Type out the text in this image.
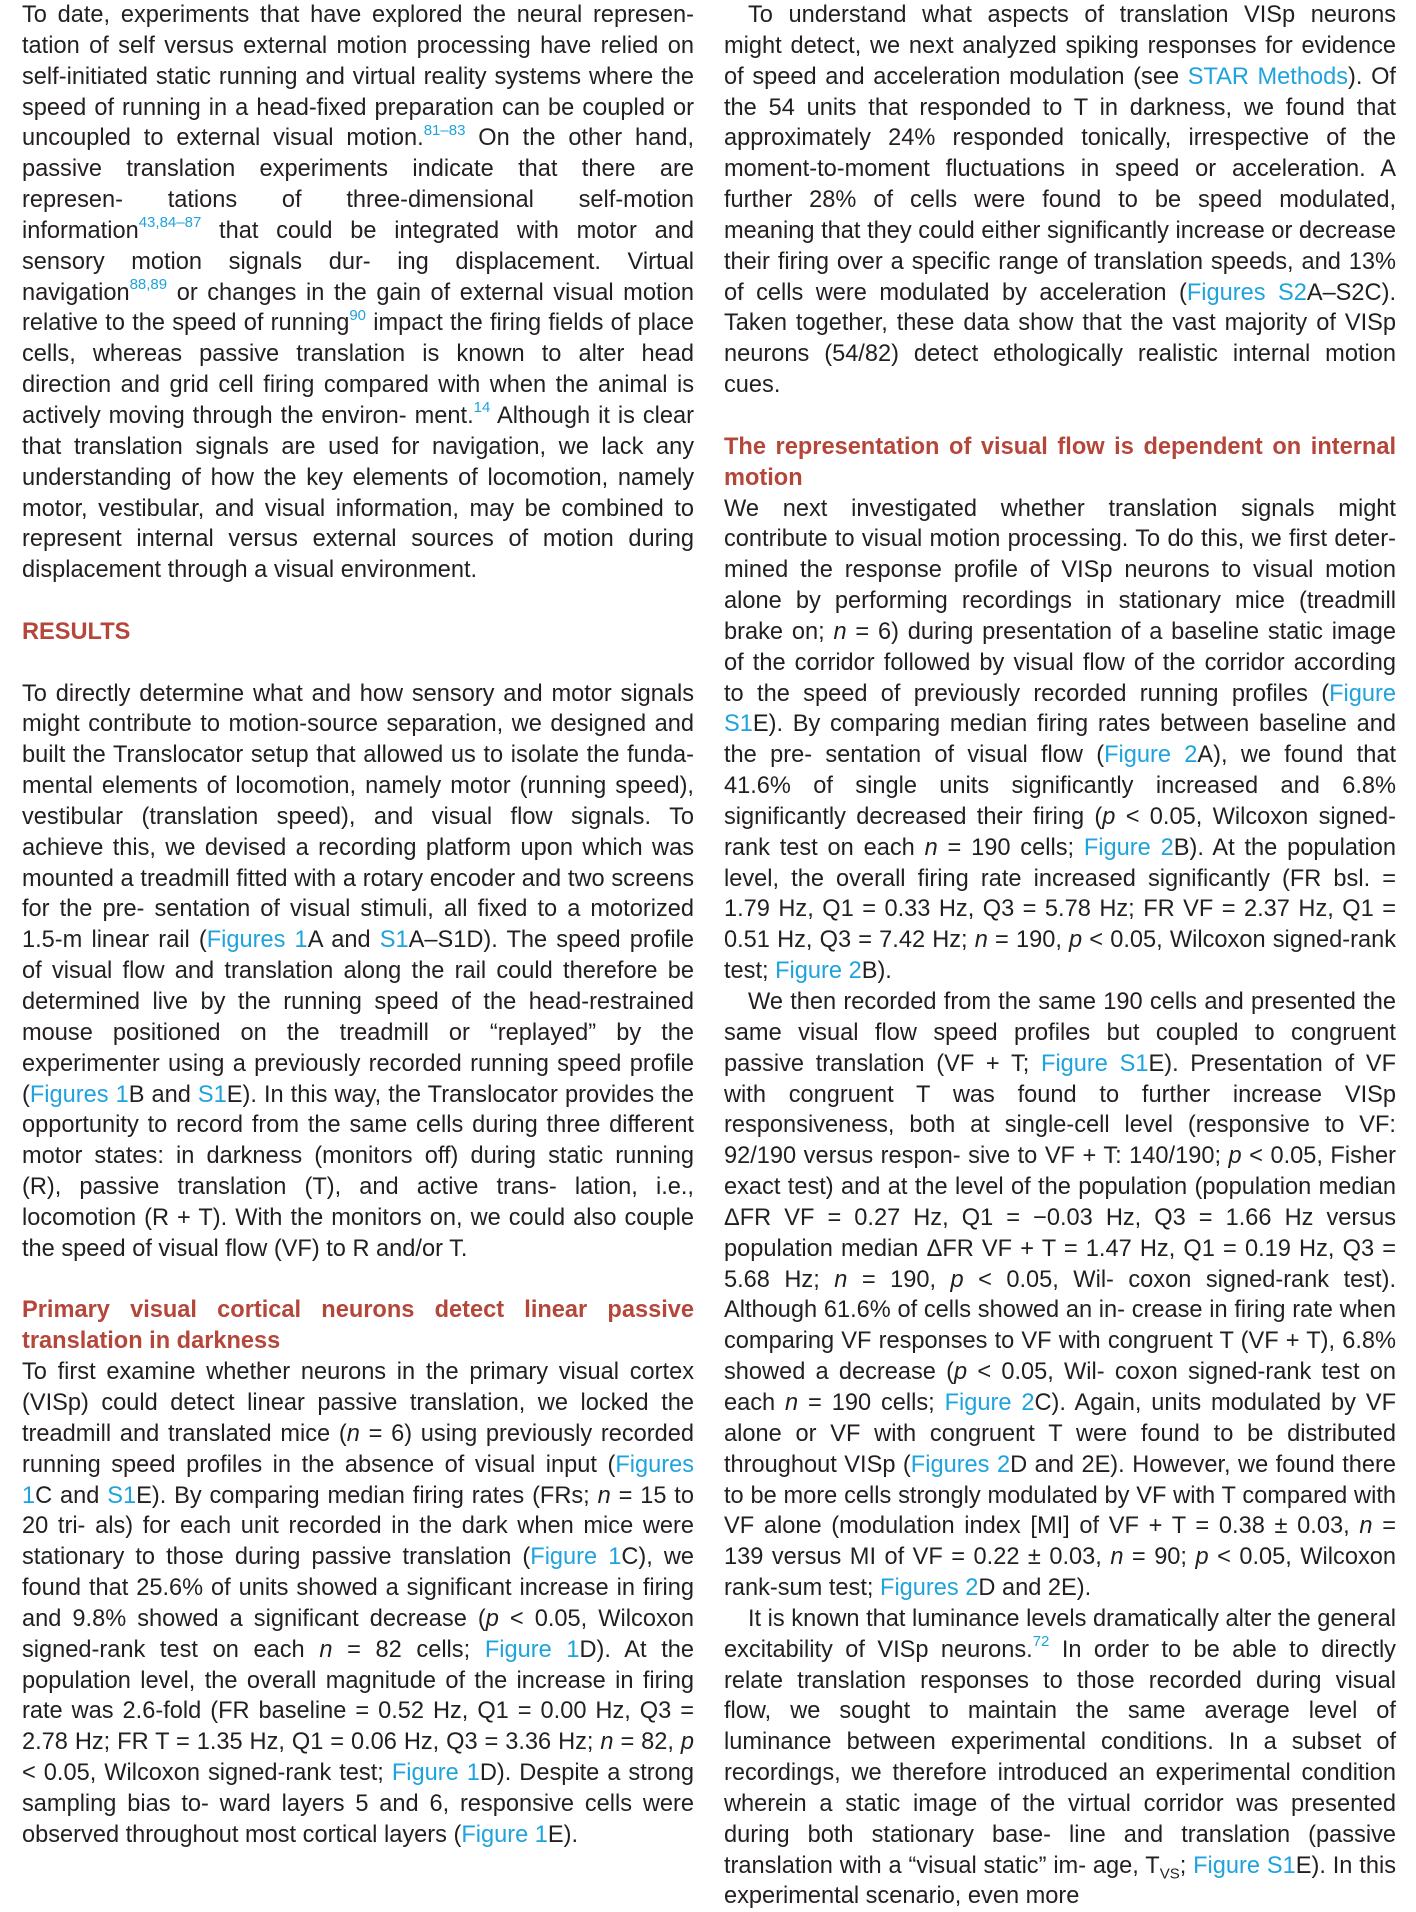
To date, experiments that have explored the neural represen- tation of self versus external motion processing have relied on self-initiated static running and virtual reality systems where the speed of running in a head-fixed preparation can be coupled or uncoupled to external visual motion.$^{81-83}$ On the other hand, passive translation experiments indicate that there are represen- tations of three-dimensional self-motion information$^{43,84-87}$ that could be integrated with motor and sensory motion signals dur- ing displacement. Virtual navigation$^{88,89}$ or changes in the gain of external visual motion relative to the speed of running$^{90}$ impact the firing fields of place cells, whereas passive translation is known to alter head direction and grid cell firing compared with when the animal is actively moving through the environ- ment.$^{14}$ Although it is clear that translation signals are used for navigation, we lack any understanding of how the key elements of locomotion, namely motor, vestibular, and visual information, may be combined to represent internal versus external sources of motion during displacement through a visual environment.

RESULTS

To directly determine what and how sensory and motor signals might contribute to motion-source separation, we designed and built the Translocator setup that allowed us to isolate the funda- mental elements of locomotion, namely motor (running speed), vestibular (translation speed), and visual flow signals. To achieve this, we devised a recording platform upon which was mounted a treadmill fitted with a rotary encoder and two screens for the pre- sentation of visual stimuli, all fixed to a motorized 1.5-m linear rail (Figures 1A and S1A–S1D). The speed profile of visual flow and translation along the rail could therefore be determined live by the running speed of the head-restrained mouse positioned on the treadmill or “replayed” by the experimenter using a previously recorded running speed profile (Figures 1B and S1E). In this way, the Translocator provides the opportunity to record from the same cells during three different motor states: in darkness (monitors off) during static running (R), passive translation (T), and active trans- lation, i.e., locomotion (R + T). With the monitors on, we could also couple the speed of visual flow (VF) to R and/or T.

Primary visual cortical neurons detect linear passive translation in darkness

To first examine whether neurons in the primary visual cortex (VISp) could detect linear passive translation, we locked the treadmill and translated mice (n = 6) using previously recorded running speed profiles in the absence of visual input (Figures 1C and S1E). By comparing median firing rates (FRs; n = 15 to 20 tri- als) for each unit recorded in the dark when mice were stationary to those during passive translation (Figure 1C), we found that 25.6% of units showed a significant increase in firing and 9.8% showed a significant decrease (p < 0.05, Wilcoxon signed-rank test on each n = 82 cells; Figure 1D). At the population level, the overall magnitude of the increase in firing rate was 2.6-fold (FR baseline = 0.52 Hz, Q1 = 0.00 Hz, Q3 = 2.78 Hz; FR T = 1.35 Hz, Q1 = 0.06 Hz, Q3 = 3.36 Hz; n = 82, p < 0.05, Wilcoxon signed-rank test; Figure 1D). Despite a strong sampling bias to- ward layers 5 and 6, responsive cells were observed throughout most cortical layers (Figure 1E).

To understand what aspects of translation VISp neurons might detect, we next analyzed spiking responses for evidence of speed and acceleration modulation (see STAR Methods). Of the 54 units that responded to T in darkness, we found that approximately 24% responded tonically, irrespective of the moment-to-moment fluctuations in speed or acceleration. A further 28% of cells were found to be speed modulated, meaning that they could either significantly increase or decrease their firing over a specific range of translation speeds, and 13% of cells were modulated by acceleration (Figures S2A–S2C). Taken together, these data show that the vast majority of VISp neurons (54/82) detect ethologically realistic internal motion cues.

The representation of visual flow is dependent on internal motion

We next investigated whether translation signals might contribute to visual motion processing. To do this, we first deter- mined the response profile of VISp neurons to visual motion alone by performing recordings in stationary mice (treadmill brake on; n = 6) during presentation of a baseline static image of the corridor followed by visual flow of the corridor according to the speed of previously recorded running profiles (Figure S1E). By comparing median firing rates between baseline and the pre- sentation of visual flow (Figure 2A), we found that 41.6% of single units significantly increased and 6.8% significantly decreased their firing (p < 0.05, Wilcoxon signed-rank test on each n = 190 cells; Figure 2B). At the population level, the overall firing rate increased significantly (FR bsl. = 1.79 Hz, Q1 = 0.33 Hz, Q3 = 5.78 Hz; FR VF = 2.37 Hz, Q1 = 0.51 Hz, Q3 = 7.42 Hz; n = 190, p < 0.05, Wilcoxon signed-rank test; Figure 2B).

We then recorded from the same 190 cells and presented the same visual flow speed profiles but coupled to congruent passive translation (VF + T; Figure S1E). Presentation of VF with congruent T was found to further increase VISp responsiveness, both at single-cell level (responsive to VF: 92/190 versus respon- sive to VF + T: 140/190; p < 0.05, Fisher exact test) and at the level of the population (population median ΔFR VF = 0.27 Hz, Q1 = −0.03 Hz, Q3 = 1.66 Hz versus population median ΔFR VF + T = 1.47 Hz, Q1 = 0.19 Hz, Q3 = 5.68 Hz; n = 190, p < 0.05, Wil- coxon signed-rank test). Although 61.6% of cells showed an in- crease in firing rate when comparing VF responses to VF with congruent T (VF + T), 6.8% showed a decrease (p < 0.05, Wil- coxon signed-rank test on each n = 190 cells; Figure 2C). Again, units modulated by VF alone or VF with congruent T were found to be distributed throughout VISp (Figures 2D and 2E). However, we found there to be more cells strongly modulated by VF with T compared with VF alone (modulation index [MI] of VF + T = 0.38 ± 0.03, n = 139 versus MI of VF = 0.22 ± 0.03, n = 90; p < 0.05, Wilcoxon rank-sum test; Figures 2D and 2E).

It is known that luminance levels dramatically alter the general excitability of VISp neurons.$^{72}$ In order to be able to directly relate translation responses to those recorded during visual flow, we sought to maintain the same average level of luminance between experimental conditions. In a subset of recordings, we therefore introduced an experimental condition wherein a static image of the virtual corridor was presented during both stationary base- line and translation (passive translation with a “visual static” im- age, $T_{VS}$; Figure S1E). In this experimental scenario, even more
